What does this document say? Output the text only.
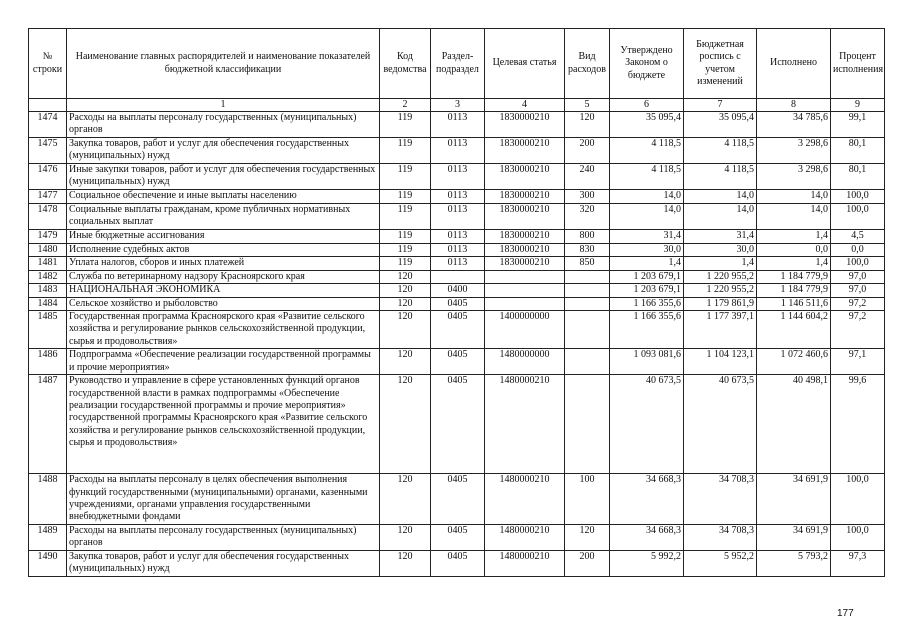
№ строки	Наименование главных распорядителей и наименование показателей бюджетной классификации	Код ведомства	Раздел-подраздел	Целевая статья	Вид расходов	Утверждено Законом о бюджете	Бюджетная роспись с учетом изменений	Исполнено	Процент исполнения
	1	2	3	4	5	6	7	8	9
1474	Расходы на выплаты персоналу государственных (муниципальных) органов	119	0113	1830000210	120	35 095,4	35 095,4	34 785,6	99,1
1475	Закупка товаров, работ и услуг для обеспечения государственных (муниципальных) нужд	119	0113	1830000210	200	4 118,5	4 118,5	3 298,6	80,1
1476	Иные закупки товаров, работ и услуг для обеспечения государственных (муниципальных) нужд	119	0113	1830000210	240	4 118,5	4 118,5	3 298,6	80,1
1477	Социальное обеспечение и иные выплаты населению	119	0113	1830000210	300	14,0	14,0	14,0	100,0
1478	Социальные выплаты гражданам, кроме публичных нормативных социальных выплат	119	0113	1830000210	320	14,0	14,0	14,0	100,0
1479	Иные бюджетные ассигнования	119	0113	1830000210	800	31,4	31,4	1,4	4,5
1480	Исполнение судебных актов	119	0113	1830000210	830	30,0	30,0	0,0	0,0
1481	Уплата налогов, сборов и иных платежей	119	0113	1830000210	850	1,4	1,4	1,4	100,0
1482	Служба по ветеринарному надзору Красноярского края	120				1 203 679,1	1 220 955,2	1 184 779,9	97,0
1483	НАЦИОНАЛЬНАЯ ЭКОНОМИКА	120	0400			1 203 679,1	1 220 955,2	1 184 779,9	97,0
1484	Сельское хозяйство и рыболовство	120	0405			1 166 355,6	1 179 861,9	1 146 511,6	97,2
1485	Государственная программа Красноярского края «Развитие сельского хозяйства и регулирование рынков сельскохозяйственной продукции, сырья и продовольствия»	120	0405	1400000000		1 166 355,6	1 177 397,1	1 144 604,2	97,2
1486	Подпрограмма «Обеспечение реализации государственной программы и прочие мероприятия»	120	0405	1480000000		1 093 081,6	1 104 123,1	1 072 460,6	97,1
1487	Руководство и управление в сфере установленных функций органов государственной власти в рамках подпрограммы «Обеспечение реализации государственной программы и прочие мероприятия» государственной программы Красноярского края «Развитие сельского хозяйства и регулирование рынков сельскохозяйственной продукции, сырья и продовольствия»	120	0405	1480000210		40 673,5	40 673,5	40 498,1	99,6
1488	Расходы на выплаты персоналу в целях обеспечения выполнения функций государственными (муниципальными) органами, казенными учреждениями, органами управления государственными внебюджетными фондами	120	0405	1480000210	100	34 668,3	34 708,3	34 691,9	100,0
1489	Расходы на выплаты персоналу государственных (муниципальных) органов	120	0405	1480000210	120	34 668,3	34 708,3	34 691,9	100,0
1490	Закупка товаров, работ и услуг для обеспечения государственных (муниципальных) нужд	120	0405	1480000210	200	5 992,2	5 952,2	5 793,2	97,3
177
